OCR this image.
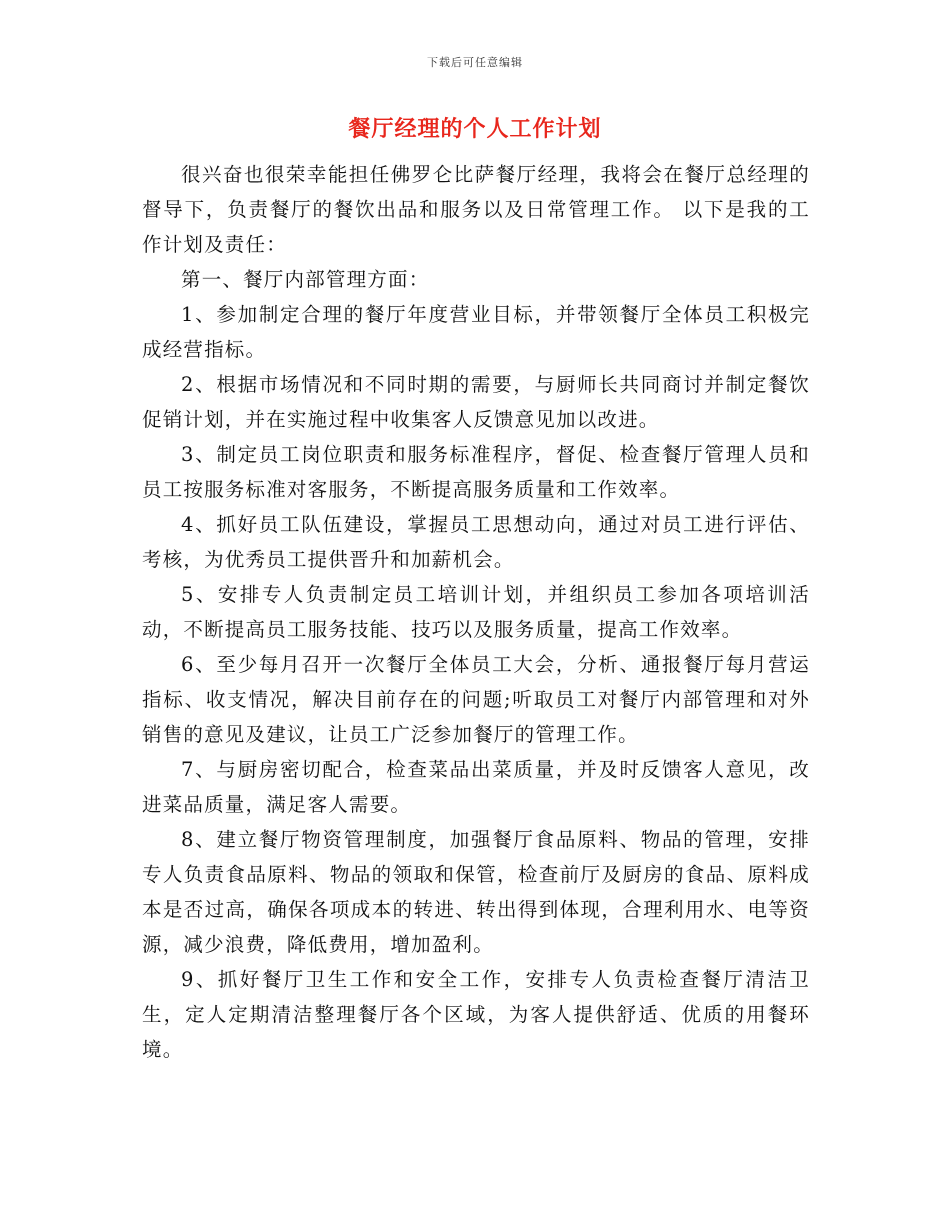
下载后可任意编辑
餐厅经理的个人工作计划

很兴奋也很荣幸能担任佛罗仑比萨餐厅经理，我将会在餐厅总经理的督导下，负责餐厅的餐饮出品和服务以及日常管理工作。 以下是我的工作计划及责任：

第一、餐厅内部管理方面：

1、参加制定合理的餐厅年度营业目标，并带领餐厅全体员工积极完成经营指标。

2、根据市场情况和不同时期的需要，与厨师长共同商讨并制定餐饮促销计划，并在实施过程中收集客人反馈意见加以改进。

3、制定员工岗位职责和服务标准程序，督促、检查餐厅管理人员和员工按服务标准对客服务，不断提高服务质量和工作效率。

4、抓好员工队伍建设，掌握员工思想动向，通过对员工进行评估、考核，为优秀员工提供晋升和加薪机会。

5、安排专人负责制定员工培训计划，并组织员工参加各项培训活动，不断提高员工服务技能、技巧以及服务质量，提高工作效率。

6、至少每月召开一次餐厅全体员工大会，分析、通报餐厅每月营运指标、收支情况，解决目前存在的问题;听取员工对餐厅内部管理和对外销售的意见及建议，让员工广泛参加餐厅的管理工作。

7、与厨房密切配合，检查菜品出菜质量，并及时反馈客人意见，改进菜品质量，满足客人需要。

8、建立餐厅物资管理制度，加强餐厅食品原料、物品的管理，安排专人负责食品原料、物品的领取和保管，检查前厅及厨房的食品、原料成本是否过高，确保各项成本的转进、转出得到体现，合理利用水、电等资源，减少浪费，降低费用，增加盈利。

9、抓好餐厅卫生工作和安全工作，安排专人负责检查餐厅清洁卫生，定人定期清洁整理餐厅各个区域，为客人提供舒适、优质的用餐环境。
